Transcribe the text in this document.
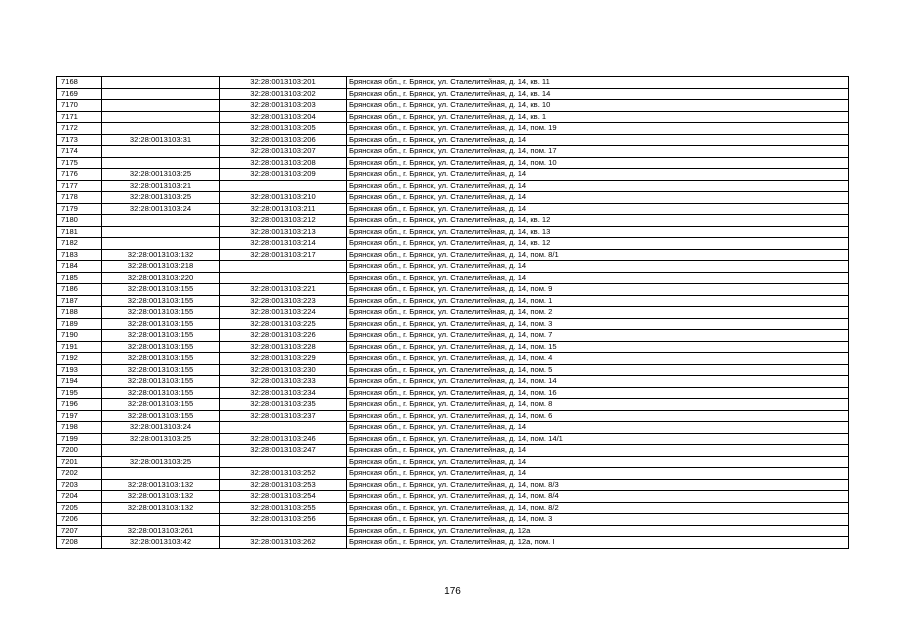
7168		32:28:0013103:201	Брянская обл., г. Брянск, ул. Сталелитейная, д. 14, кв. 11
7169		32:28:0013103:202	Брянская обл., г. Брянск, ул. Сталелитейная, д. 14, кв. 14
7170		32:28:0013103:203	Брянская обл., г. Брянск, ул. Сталелитейная, д. 14, кв. 10
7171		32:28:0013103:204	Брянская обл., г. Брянск, ул. Сталелитейная, д. 14, кв. 1
7172		32:28:0013103:205	Брянская обл., г. Брянск, ул. Сталелитейная, д. 14, пом. 19
7173	32:28:0013103:31	32:28:0013103:206	Брянская обл., г. Брянск, ул. Сталелитейная, д. 14
7174		32:28:0013103:207	Брянская обл., г. Брянск, ул. Сталелитейная, д. 14, пом. 17
7175		32:28:0013103:208	Брянская обл., г. Брянск, ул. Сталелитейная, д. 14, пом. 10
7176	32:28:0013103:25	32:28:0013103:209	Брянская обл., г. Брянск, ул. Сталелитейная, д. 14
7177	32:28:0013103:21		Брянская обл., г. Брянск, ул. Сталелитейная, д. 14
7178	32:28:0013103:25	32:28:0013103:210	Брянская обл., г. Брянск, ул. Сталелитейная, д. 14
7179	32:28:0013103:24	32:28:0013103:211	Брянская обл., г. Брянск, ул. Сталелитейная, д. 14
7180		32:28:0013103:212	Брянская обл., г. Брянск, ул. Сталелитейная, д. 14, кв. 12
7181		32:28:0013103:213	Брянская обл., г. Брянск, ул. Сталелитейная, д. 14, кв. 13
7182		32:28:0013103:214	Брянская обл., г. Брянск, ул. Сталелитейная, д. 14, кв. 12
7183	32:28:0013103:132	32:28:0013103:217	Брянская обл., г. Брянск, ул. Сталелитейная, д. 14, пом. 8/1
7184	32:28:0013103:218		Брянская обл., г. Брянск, ул. Сталелитейная, д. 14
7185	32:28:0013103:220		Брянская обл., г. Брянск, ул. Сталелитейная, д. 14
7186	32:28:0013103:155	32:28:0013103:221	Брянская обл., г. Брянск, ул. Сталелитейная, д. 14, пом. 9
7187	32:28:0013103:155	32:28:0013103:223	Брянская обл., г. Брянск, ул. Сталелитейная, д. 14, пом. 1
7188	32:28:0013103:155	32:28:0013103:224	Брянская обл., г. Брянск, ул. Сталелитейная, д. 14, пом. 2
7189	32:28:0013103:155	32:28:0013103:225	Брянская обл., г. Брянск, ул. Сталелитейная, д. 14, пом. 3
7190	32:28:0013103:155	32:28:0013103:226	Брянская обл., г. Брянск, ул. Сталелитейная, д. 14, пом. 7
7191	32:28:0013103:155	32:28:0013103:228	Брянская обл., г. Брянск, ул. Сталелитейная, д. 14, пом. 15
7192	32:28:0013103:155	32:28:0013103:229	Брянская обл., г. Брянск, ул. Сталелитейная, д. 14, пом. 4
7193	32:28:0013103:155	32:28:0013103:230	Брянская обл., г. Брянск, ул. Сталелитейная, д. 14, пом. 5
7194	32:28:0013103:155	32:28:0013103:233	Брянская обл., г. Брянск, ул. Сталелитейная, д. 14, пом. 14
7195	32:28:0013103:155	32:28:0013103:234	Брянская обл., г. Брянск, ул. Сталелитейная, д. 14, пом. 16
7196	32:28:0013103:155	32:28:0013103:235	Брянская обл., г. Брянск, ул. Сталелитейная, д. 14, пом. 8
7197	32:28:0013103:155	32:28:0013103:237	Брянская обл., г. Брянск, ул. Сталелитейная, д. 14, пом. 6
7198	32:28:0013103:24		Брянская обл., г. Брянск, ул. Сталелитейная, д. 14
7199	32:28:0013103:25	32:28:0013103:246	Брянская обл., г. Брянск, ул. Сталелитейная, д. 14, пом. 14/1
7200		32:28:0013103:247	Брянская обл., г. Брянск, ул. Сталелитейная, д. 14
7201	32:28:0013103:25		Брянская обл., г. Брянск, ул. Сталелитейная, д. 14
7202		32:28:0013103:252	Брянская обл., г. Брянск, ул. Сталелитейная, д. 14
7203	32:28:0013103:132	32:28:0013103:253	Брянская обл., г. Брянск, ул. Сталелитейная, д. 14, пом. 8/3
7204	32:28:0013103:132	32:28:0013103:254	Брянская обл., г. Брянск, ул. Сталелитейная, д. 14, пом. 8/4
7205	32:28:0013103:132	32:28:0013103:255	Брянская обл., г. Брянск, ул. Сталелитейная, д. 14, пом. 8/2
7206		32:28:0013103:256	Брянская обл., г. Брянск, ул. Сталелитейная, д. 14, пом. 3
7207	32:28:0013103:261		Брянская обл., г. Брянск, ул. Сталелитейная, д. 12а
7208	32:28:0013103:42	32:28:0013103:262	Брянская обл., г. Брянск, ул. Сталелитейная, д. 12а, пом. I
176
